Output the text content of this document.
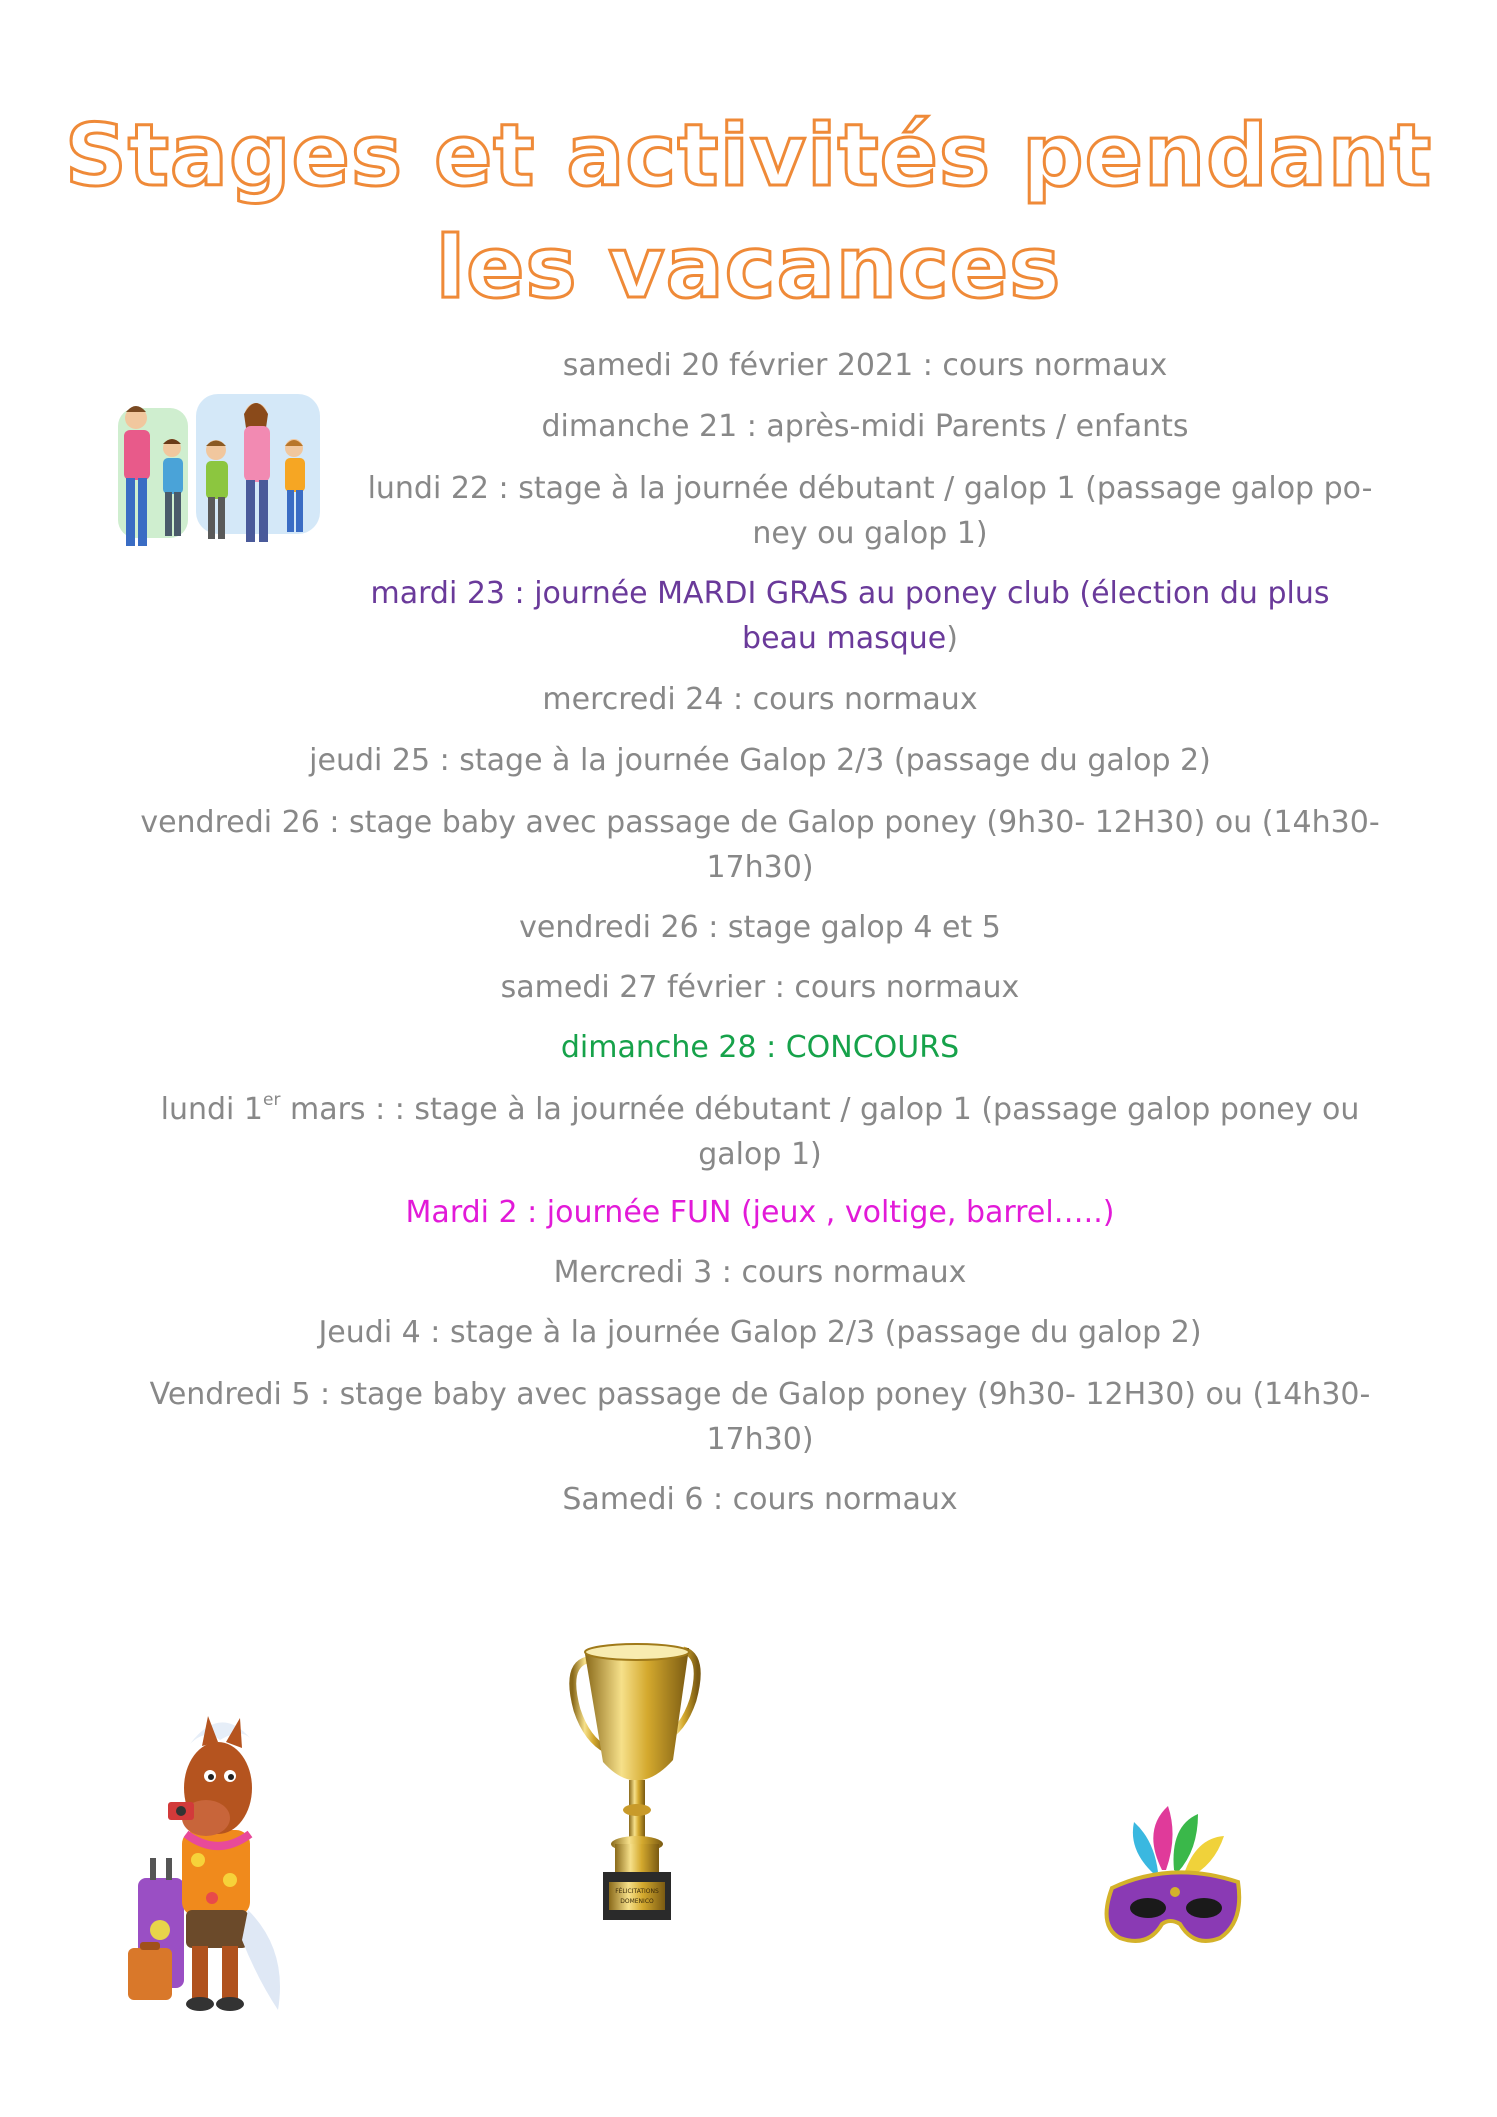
Stages et activités pendant
les vacances

samedi 20 février 2021 : cours normaux

dimanche 21 : après-midi Parents / enfants

lundi 22 : stage à la journée débutant / galop 1 (passage galop po-
ney ou galop 1)

mardi 23 : journée MARDI GRAS au poney club (élection du plus
beau masque)

mercredi 24 : cours normaux

jeudi 25 : stage à la journée Galop 2/3 (passage du galop 2)

vendredi 26 : stage baby avec passage de Galop poney (9h30- 12H30) ou (14h30-
17h30)

vendredi 26 : stage galop 4 et 5

samedi 27 février : cours normaux

dimanche 28 : CONCOURS

lundi 1er mars : : stage à la journée débutant / galop 1 (passage galop poney ou
galop 1)

Mardi 2 : journée FUN (jeux , voltige, barrel…..)

Mercredi 3 : cours normaux

Jeudi 4 : stage à la journée Galop 2/3 (passage du galop 2)

Vendredi 5 : stage baby avec passage de Galop poney (9h30- 12H30) ou (14h30-
17h30)

Samedi 6 : cours normaux

FÉLICITATIONS
DOMENICO
